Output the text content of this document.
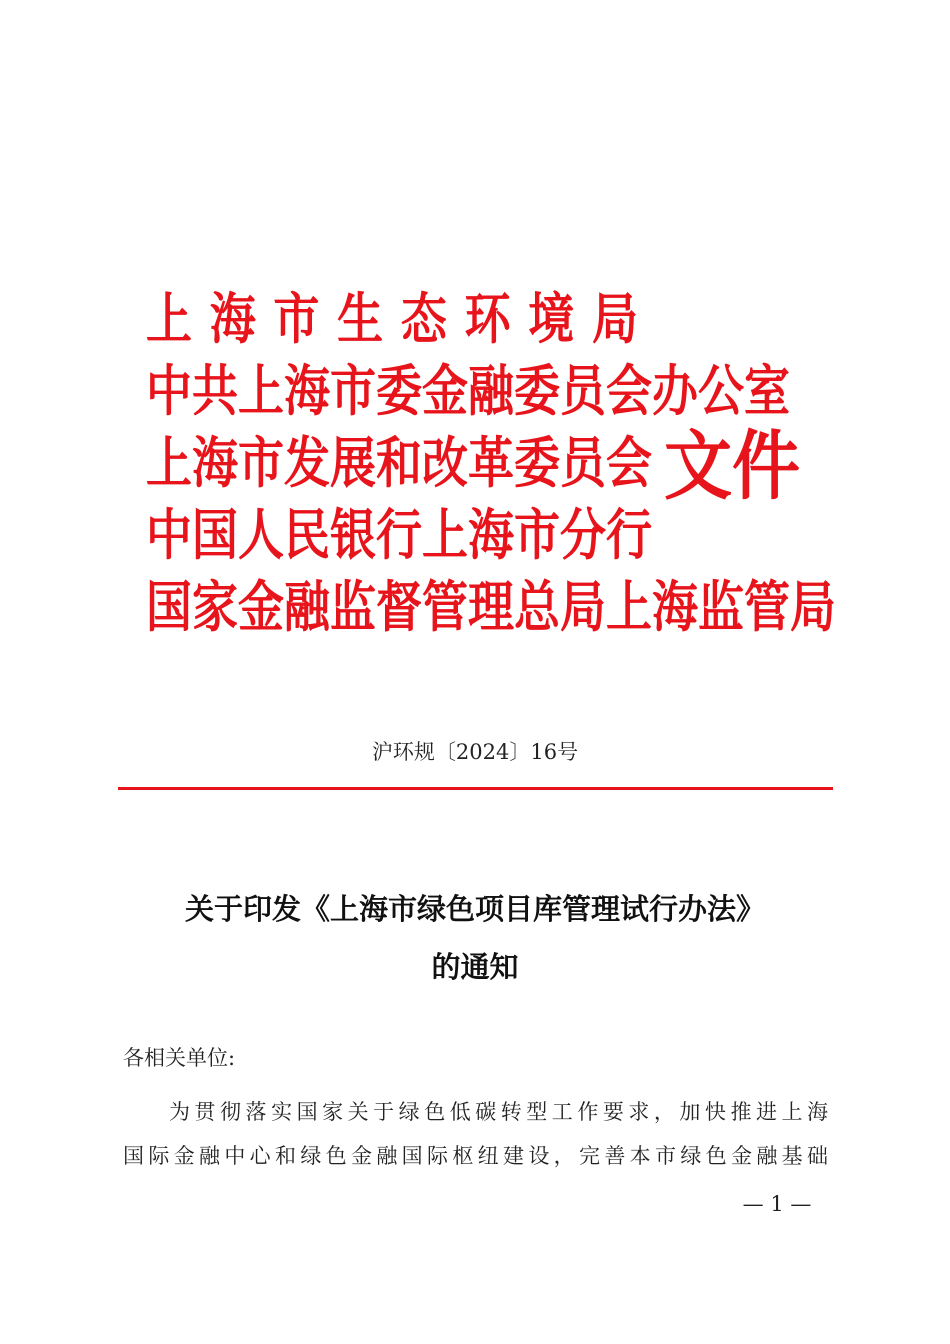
上海市生态环境局
中共上海市委金融委员会办公室
上海市发展和改革委员会
中国人民银行上海市分行
国家金融监督管理总局上海监管局
文件
沪环规〔2024〕16号
关于印发《上海市绿色项目库管理试行办法》
的通知
各相关单位:
为贯彻落实国家关于绿色低碳转型工作要求，加快推进上海
国际金融中心和绿色金融国际枢纽建设，完善本市绿色金融基础
— 1 —
